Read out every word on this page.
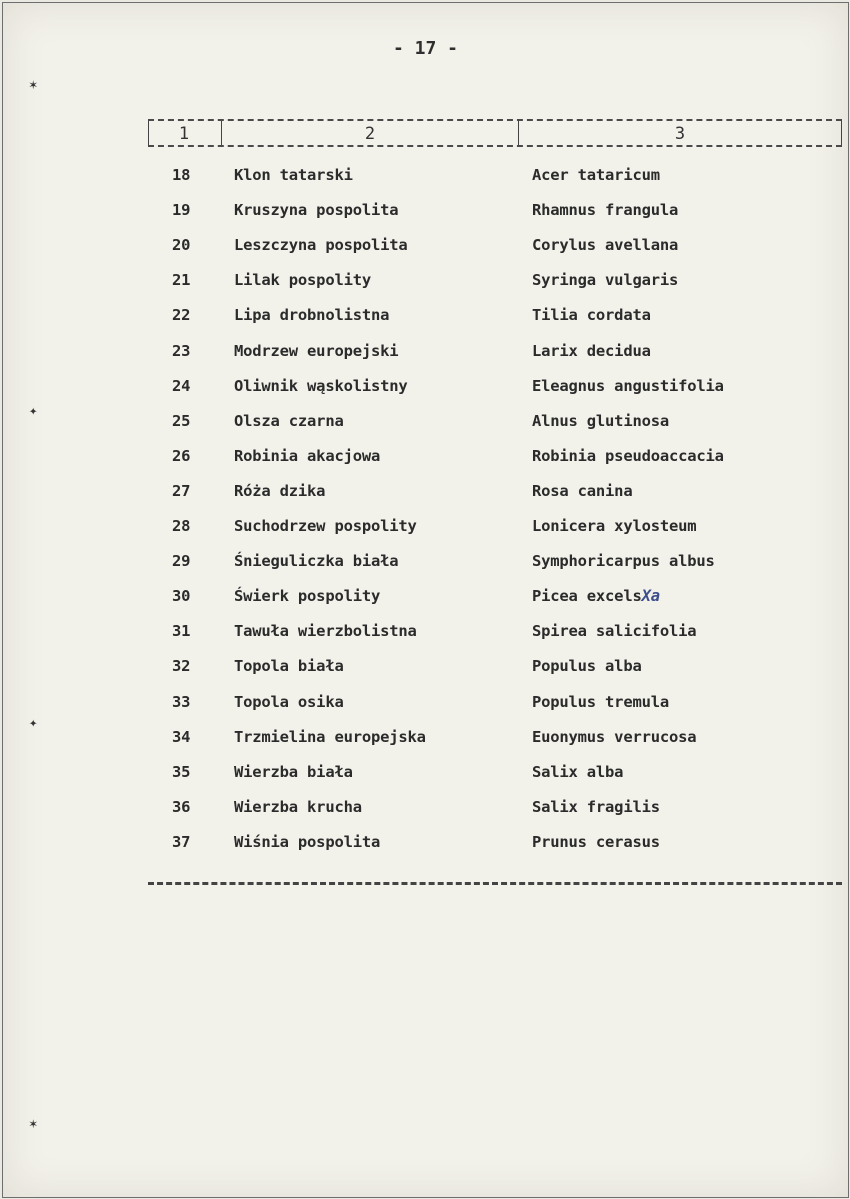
- 17 -
✶
✦
✦
✶
1	2	3
18	Klon tatarski	Acer tataricum
19	Kruszyna pospolita	Rhamnus frangula
20	Leszczyna pospolita	Corylus avellana
21	Lilak pospolity	Syringa vulgaris
22	Lipa drobnolistna	Tilia cordata
23	Modrzew europejski	Larix decidua
24	Oliwnik wąskolistny	Eleagnus angustifolia
25	Olsza czarna	Alnus glutinosa
26	Robinia akacjowa	Robinia pseudoaccacia
27	Róża dzika	Rosa canina
28	Suchodrzew pospolity	Lonicera xylosteum
29	Śnieguliczka biała	Symphoricarpus albus
30	Świerk pospolity	Picea excelsXa
31	Tawuła wierzbolistna	Spirea salicifolia
32	Topola biała	Populus alba
33	Topola osika	Populus tremula
34	Trzmielina europejska	Euonymus verrucosa
35	Wierzba biała	Salix alba
36	Wierzba krucha	Salix fragilis
37	Wiśnia pospolita	Prunus cerasus
